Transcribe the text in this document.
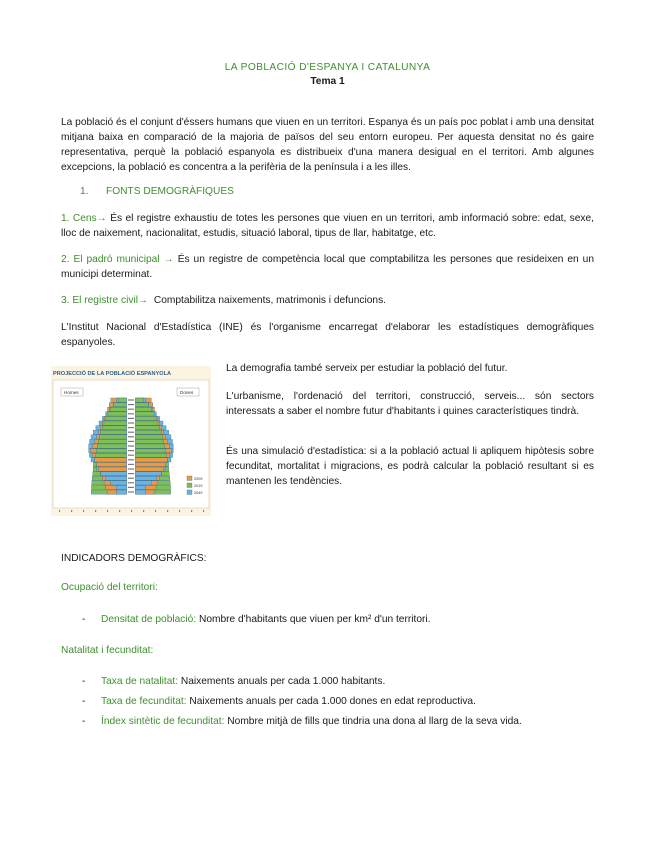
LA POBLACIÓ D'ESPANYA I CATALUNYA
Tema 1

La població és el conjunt d'éssers humans que viuen en un territori. Espanya és un país poc poblat i amb una densitat mitjana baixa en comparació de la majoria de països del seu entorn europeu. Per aquesta densitat no és gaire representativa, perquè la població espanyola es distribueix d'una manera desigual en el territori. Amb algunes excepcions, la població es concentra a la perifèria de la península i a les illes.

1. FONTS DEMOGRÀFIQUES

1. Cens→ És el registre exhaustiu de totes les persones que viuen en un territori, amb informació sobre: edat, sexe, lloc de naixement, nacionalitat, estudis, situació laboral, tipus de llar, habitatge, etc.

2. El padró municipal → És un registre de competència local que comptabilitza les persones que resideixen en un municipi determinat.

3. El registre civil→  Comptabilitza naixements, matrimonis i defuncions.

L'Institut Nacional d'Estadística (INE) és l'organisme encarregat d'elaborar les estadístiques demogràfiques espanyoles.

PROJECCIÓ DE LA POBLACIÓ ESPANYOLA
Homes	Dones
2009
2019
2049

La demografia també serveix per estudiar la població del futur.

L'urbanisme, l'ordenació del territori, construcció, serveis... són sectors interessats a saber el nombre futur d'habitants i quines característiques tindrà.

És una simulació d'estadística: si a la població actual li apliquem hipòtesis sobre fecunditat, mortalitat i migracions, es podrà calcular la població resultant si es mantenen les tendències.

INDICADORS DEMOGRÀFICS:
Ocupació del territori:
- Densitat de població: Nombre d'habitants que viuen per km² d'un territori.
Natalitat i fecunditat:
- Taxa de natalitat: Naixements anuals per cada 1.000 habitants.
- Taxa de fecunditat: Naixements anuals per cada 1.000 dones en edat reproductiva.
- Índex sintètic de fecunditat: Nombre mitjà de fills que tindria una dona al llarg de la seva vida.
